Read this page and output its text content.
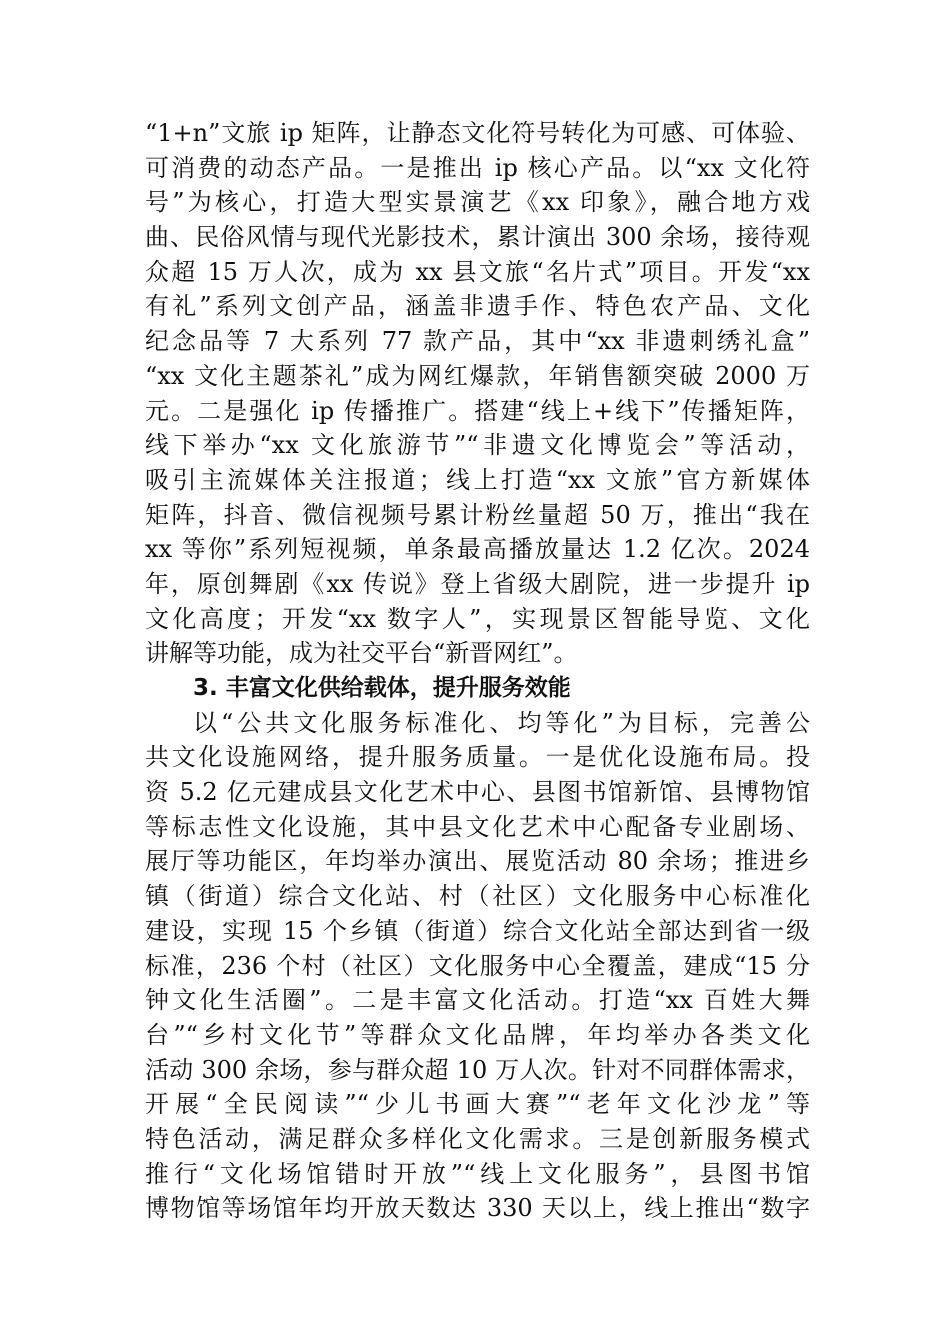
“1+n”文旅 ip 矩阵，让静态文化符号转化为可感、可体验、
可消费的动态产品。一是推出 ip 核心产品。以“xx 文化符
号”为核心，打造大型实景演艺《xx 印象》，融合地方戏
曲、民俗风情与现代光影技术，累计演出 300 余场，接待观
众超 15 万人次，成为 xx 县文旅“名片式”项目。开发“xx
有礼”系列文创产品，涵盖非遗手作、特色农产品、文化
纪念品等 7 大系列 77 款产品，其中“xx 非遗刺绣礼盒”
“xx 文化主题茶礼”成为网红爆款，年销售额突破 2000 万
元。二是强化 ip 传播推广。搭建“线上+线下”传播矩阵，
线下举办“xx 文化旅游节”“非遗文化博览会”等活动，
吸引主流媒体关注报道；线上打造“xx 文旅”官方新媒体
矩阵，抖音、微信视频号累计粉丝量超 50 万，推出“我在
xx 等你”系列短视频，单条最高播放量达 1.2 亿次。2024
年，原创舞剧《xx 传说》登上省级大剧院，进一步提升 ip
文化高度；开发“xx 数字人”，实现景区智能导览、文化
讲解等功能，成为社交平台“新晋网红”。
3. 丰富文化供给载体，提升服务效能
以“公共文化服务标准化、均等化”为目标，完善公
共文化设施网络，提升服务质量。一是优化设施布局。投
资 5.2 亿元建成县文化艺术中心、县图书馆新馆、县博物馆
等标志性文化设施，其中县文化艺术中心配备专业剧场、
展厅等功能区，年均举办演出、展览活动 80 余场；推进乡
镇（街道）综合文化站、村（社区）文化服务中心标准化
建设，实现 15 个乡镇（街道）综合文化站全部达到省一级
标准，236 个村（社区）文化服务中心全覆盖，建成“15 分
钟文化生活圈”。二是丰富文化活动。打造“xx 百姓大舞
台”“乡村文化节”等群众文化品牌，年均举办各类文化
活动 300 余场，参与群众超 10 万人次。针对不同群体需求，
开展“全民阅读”“少儿书画大赛”“老年文化沙龙”等
特色活动，满足群众多样化文化需求。三是创新服务模式
推行“文化场馆错时开放”“线上文化服务”，县图书馆
博物馆等场馆年均开放天数达 330 天以上，线上推出“数字
